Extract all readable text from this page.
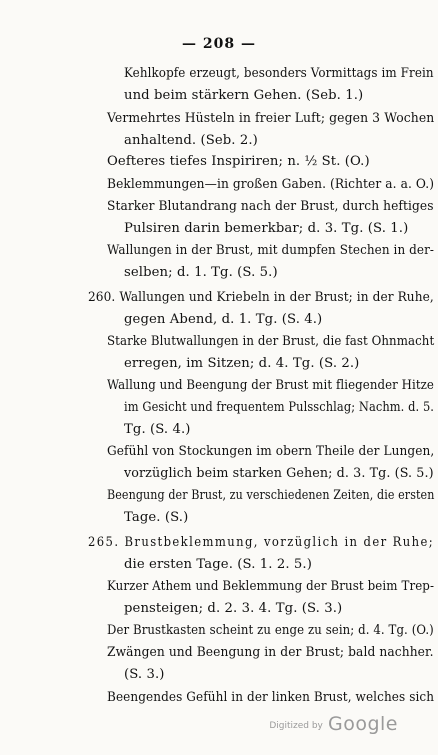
— 208 —
Kehlkopfe erzeugt, besonders Vormittags im Frein
und beim stärkern Gehen. (Seb. 1.)
Vermehrtes Hüsteln in freier Luft; gegen 3 Wochen
anhaltend. (Seb. 2.)
Oefteres tiefes Inspiriren; n. ½ St. (O.)
Beklemmungen—in großen Gaben. (Richter a. a. O.)
Starker Blutandrang nach der Brust, durch heftiges
Pulsiren darin bemerkbar; d. 3. Tg. (S. 1.)
Wallungen in der Brust, mit dumpfen Stechen in der-
selben; d. 1. Tg. (S. 5.)
260. Wallungen und Kriebeln in der Brust; in der Ruhe,
gegen Abend, d. 1. Tg. (S. 4.)
Starke Blutwallungen in der Brust, die fast Ohnmacht
erregen, im Sitzen; d. 4. Tg. (S. 2.)
Wallung und Beengung der Brust mit fliegender Hitze
im Gesicht und frequentem Pulsschlag; Nachm. d. 5.
Tg. (S. 4.)
Gefühl von Stockungen im obern Theile der Lungen,
vorzüglich beim starken Gehen; d. 3. Tg. (S. 5.)
Beengung der Brust, zu verschiedenen Zeiten, die ersten
Tage. (S.)
265. Brustbeklemmung, vorzüglich in der Ruhe;
die ersten Tage. (S. 1. 2. 5.)
Kurzer Athem und Beklemmung der Brust beim Trep-
pensteigen; d. 2. 3. 4. Tg. (S. 3.)
Der Brustkasten scheint zu enge zu sein; d. 4. Tg. (O.)
Zwängen und Beengung in der Brust; bald nachher.
(S. 3.)
Beengendes Gefühl in der linken Brust, welches sich
Digitized by Google
